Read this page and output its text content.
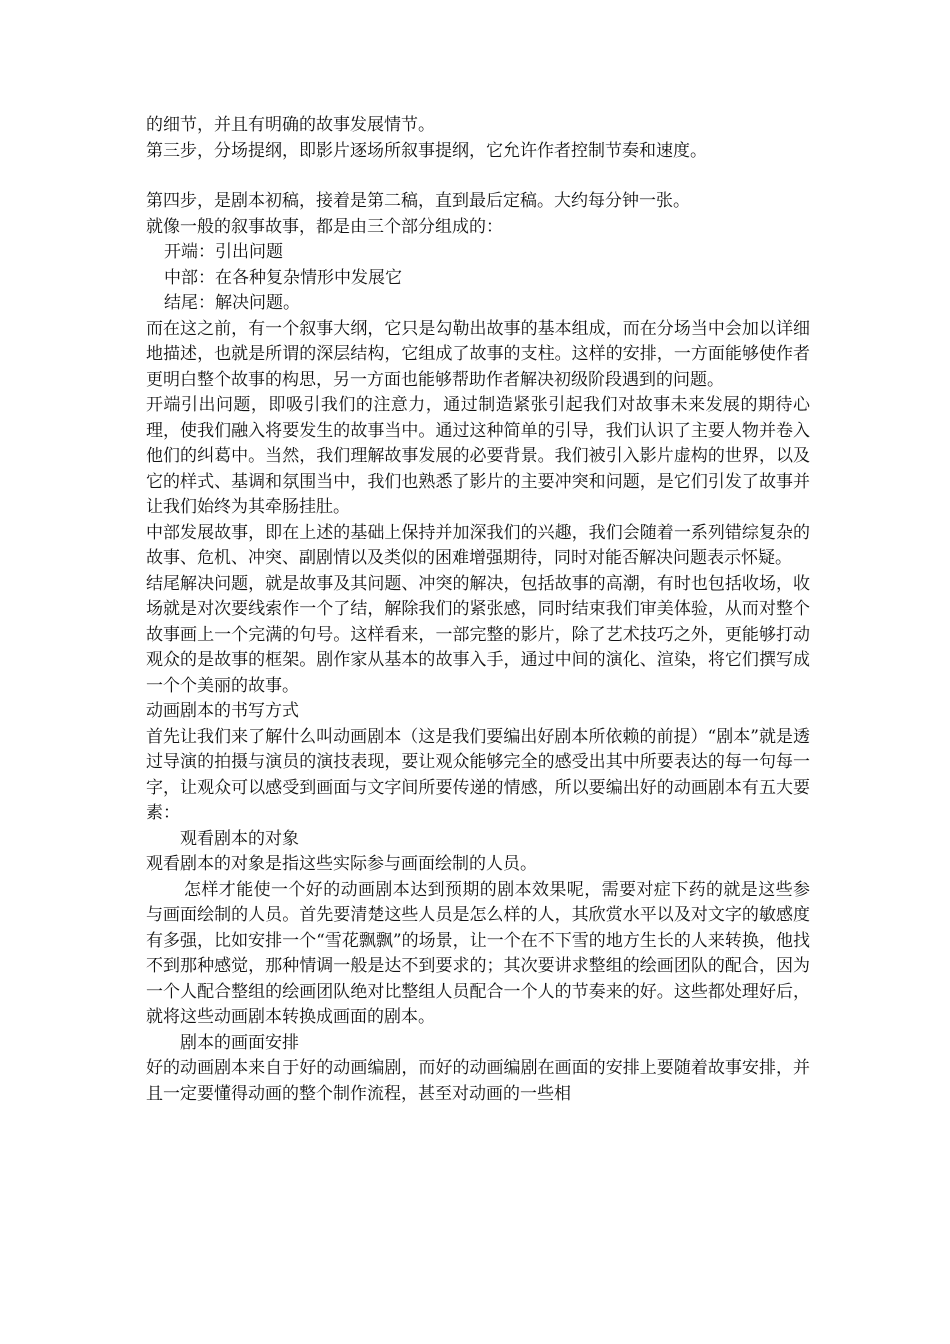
的细节，并且有明确的故事发展情节。

第三步，分场提纲，即影片逐场所叙事提纲，它允许作者控制节奏和速度。

第四步，是剧本初稿，接着是第二稿，直到最后定稿。大约每分钟一张。

就像一般的叙事故事，都是由三个部分组成的：

开端：引出问题

中部：在各种复杂情形中发展它

结尾：解决问题。

而在这之前，有一个叙事大纲，它只是勾勒出故事的基本组成，而在分场当中会加以详细地描述，也就是所谓的深层结构，它组成了故事的支柱。这样的安排，一方面能够使作者更明白整个故事的构思，另一方面也能够帮助作者解决初级阶段遇到的问题。

开端引出问题，即吸引我们的注意力，通过制造紧张引起我们对故事未来发展的期待心理，使我们融入将要发生的故事当中。通过这种简单的引导，我们认识了主要人物并卷入他们的纠葛中。当然，我们理解故事发展的必要背景。我们被引入影片虚构的世界，以及它的样式、基调和氛围当中，我们也熟悉了影片的主要冲突和问题，是它们引发了故事并让我们始终为其牵肠挂肚。

中部发展故事，即在上述的基础上保持并加深我们的兴趣，我们会随着一系列错综复杂的故事、危机、冲突、副剧情以及类似的困难增强期待，同时对能否解决问题表示怀疑。

结尾解决问题，就是故事及其问题、冲突的解决，包括故事的高潮，有时也包括收场，收场就是对次要线索作一个了结，解除我们的紧张感，同时结束我们审美体验，从而对整个故事画上一个完满的句号。这样看来，一部完整的影片，除了艺术技巧之外，更能够打动观众的是故事的框架。剧作家从基本的故事入手，通过中间的演化、渲染，将它们撰写成一个个美丽的故事。

动画剧本的书写方式

首先让我们来了解什么叫动画剧本（这是我们要编出好剧本所依赖的前提）“剧本”就是透过导演的拍摄与演员的演技表现，要让观众能够完全的感受出其中所要表达的每一句每一字，让观众可以感受到画面与文字间所要传递的情感，所以要编出好的动画剧本有五大要素：

观看剧本的对象

观看剧本的对象是指这些实际参与画面绘制的人员。

怎样才能使一个好的动画剧本达到预期的剧本效果呢，需要对症下药的就是这些参与画面绘制的人员。首先要清楚这些人员是怎么样的人，其欣赏水平以及对文字的敏感度有多强，比如安排一个“雪花飘飘”的场景，让一个在不下雪的地方生长的人来转换，他找不到那种感觉，那种情调一般是达不到要求的；其次要讲求整组的绘画团队的配合，因为一个人配合整组的绘画团队绝对比整组人员配合一个人的节奏来的好。这些都处理好后，就将这些动画剧本转换成画面的剧本。

剧本的画面安排

好的动画剧本来自于好的动画编剧，而好的动画编剧在画面的安排上要随着故事安排，并且一定要懂得动画的整个制作流程，甚至对动画的一些相
